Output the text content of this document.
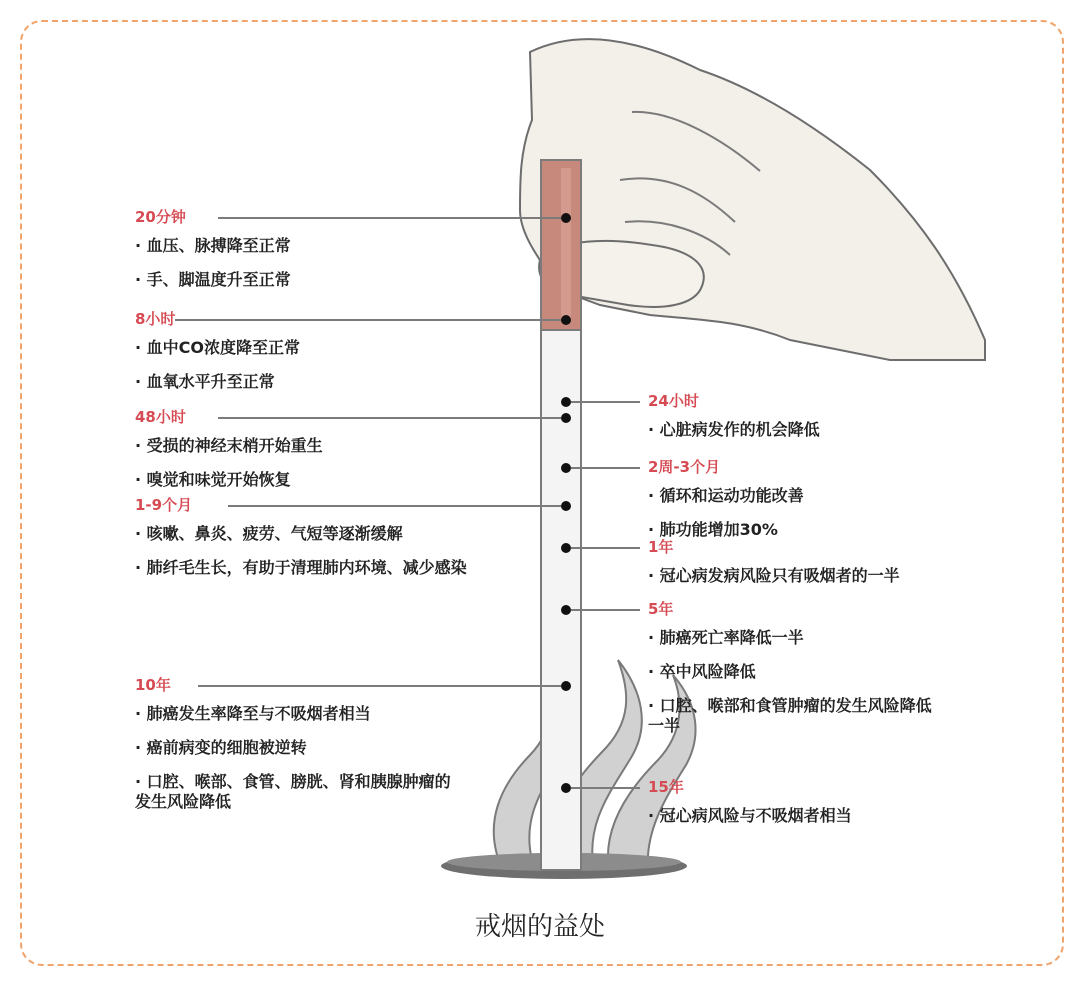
20分钟
· 血压、脉搏降至正常
· 手、脚温度升至正常
8小时
· 血中CO浓度降至正常
· 血氧水平升至正常
48小时
· 受损的神经末梢开始重生
· 嗅觉和味觉开始恢复
1-9个月
· 咳嗽、鼻炎、疲劳、气短等逐渐缓解
· 肺纤毛生长，有助于清理肺内环境、减少感染
10年
· 肺癌发生率降至与不吸烟者相当
· 癌前病变的细胞被逆转
· 口腔、喉部、食管、膀胱、肾和胰腺肿瘤的发生风险降低
24小时
· 心脏病发作的机会降低
2周-3个月
· 循环和运动功能改善
· 肺功能增加30%
1年
· 冠心病发病风险只有吸烟者的一半
5年
· 肺癌死亡率降低一半
· 卒中风险降低
· 口腔、喉部和食管肿瘤的发生风险降低一半
15年
· 冠心病风险与不吸烟者相当
戒烟的益处
